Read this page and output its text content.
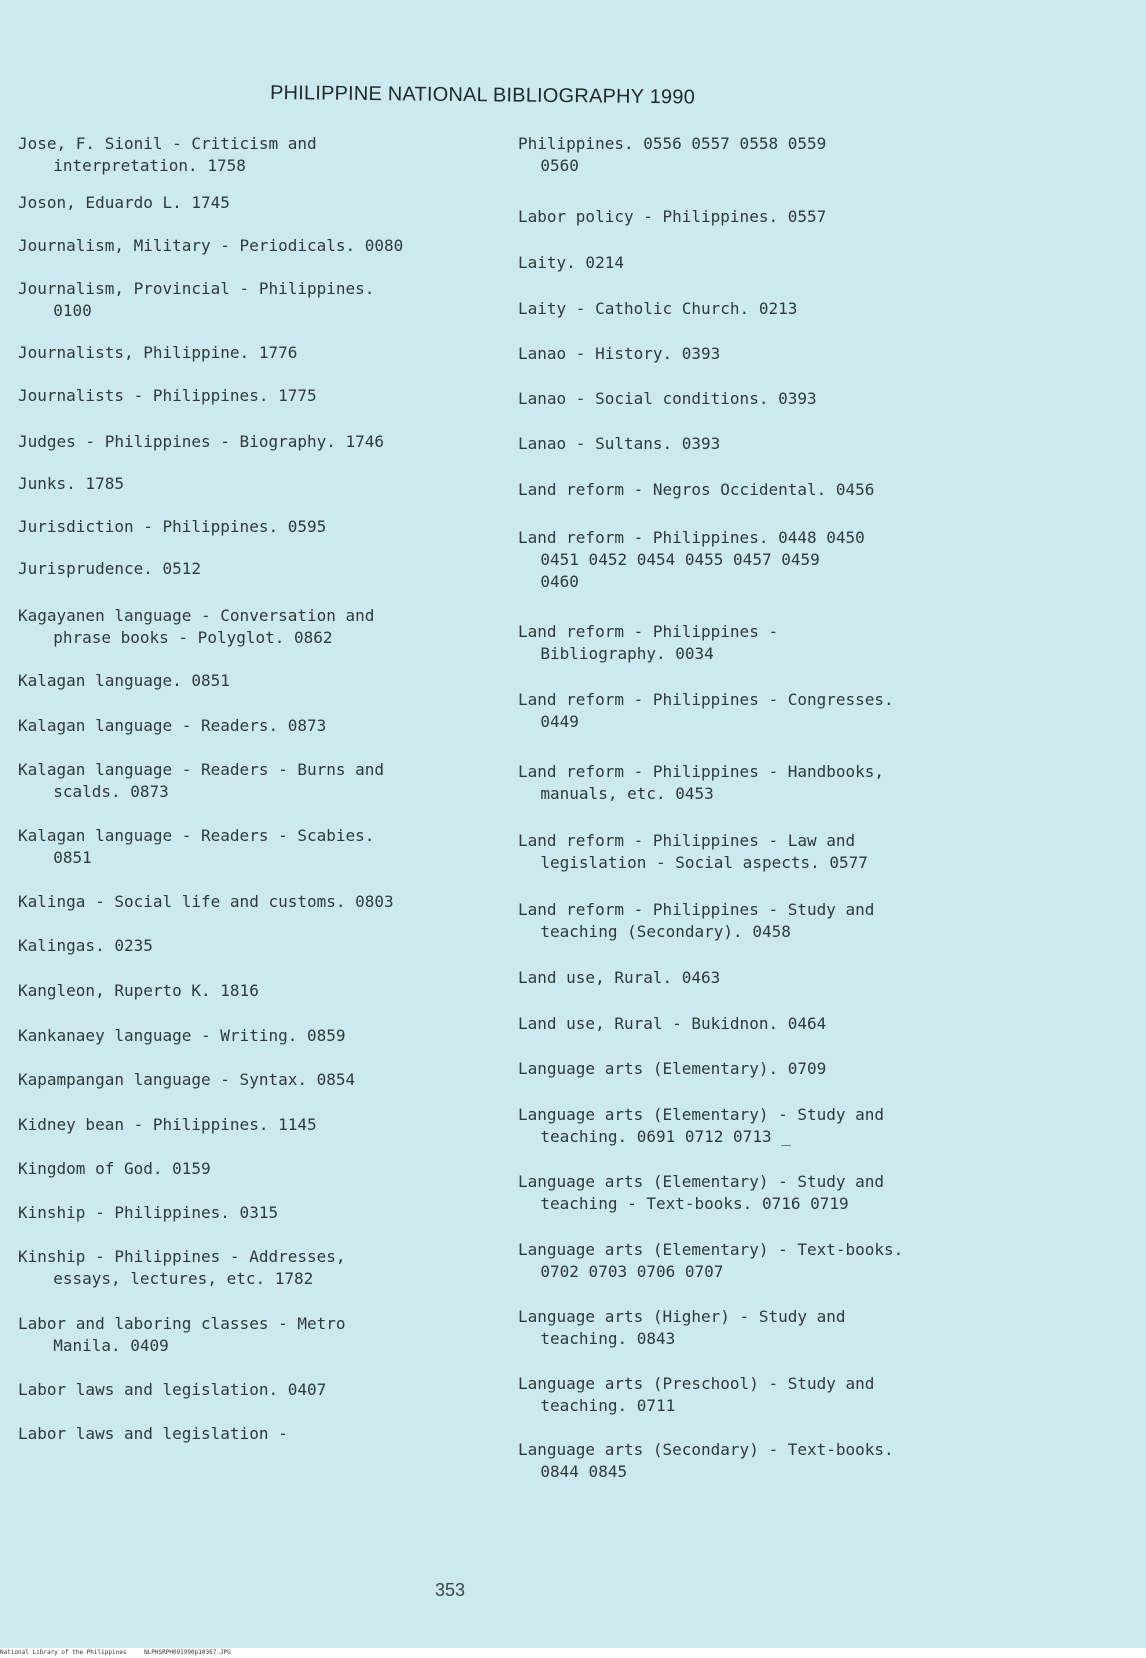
PHILIPPINE NATIONAL BIBLIOGRAPHY 1990
Jose, F. Sionil - Criticism and
interpretation. 1758
Joson, Eduardo L. 1745
Journalism, Military - Periodicals. 0080
Journalism, Provincial - Philippines.
0100
Journalists, Philippine. 1776
Journalists - Philippines. 1775
Judges - Philippines - Biography. 1746
Junks. 1785
Jurisdiction - Philippines. 0595
Jurisprudence. 0512
Kagayanen language - Conversation and
phrase books - Polyglot. 0862
Kalagan language. 0851
Kalagan language - Readers. 0873
Kalagan language - Readers - Burns and
scalds. 0873
Kalagan language - Readers - Scabies.
0851
Kalinga - Social life and customs. 0803
Kalingas. 0235
Kangleon, Ruperto K. 1816
Kankanaey language - Writing. 0859
Kapampangan language - Syntax. 0854
Kidney bean - Philippines. 1145
Kingdom of God. 0159
Kinship - Philippines. 0315
Kinship - Philippines - Addresses,
essays, lectures, etc. 1782
Labor and laboring classes - Metro
Manila. 0409
Labor laws and legislation. 0407
Labor laws and legislation -
Philippines. 0556 0557 0558 0559
0560
Labor policy - Philippines. 0557
Laity. 0214
Laity - Catholic Church. 0213
Lanao - History. 0393
Lanao - Social conditions. 0393
Lanao - Sultans. 0393
Land reform - Negros Occidental. 0456
Land reform - Philippines. 0448 0450
0451 0452 0454 0455 0457 0459
0460
Land reform - Philippines -
Bibliography. 0034
Land reform - Philippines - Congresses.
0449
Land reform - Philippines - Handbooks,
manuals, etc. 0453
Land reform - Philippines - Law and
legislation - Social aspects. 0577
Land reform - Philippines - Study and
teaching (Secondary). 0458
Land use, Rural. 0463
Land use, Rural - Bukidnon. 0464
Language arts (Elementary). 0709
Language arts (Elementary) - Study and
teaching. 0691 0712 0713 _
Language arts (Elementary) - Study and
teaching - Text-books. 0716 0719
Language arts (Elementary) - Text-books.
0702 0703 0706 0707
Language arts (Higher) - Study and
teaching. 0843
Language arts (Preschool) - Study and
teaching. 0711
Language arts (Secondary) - Text-books.
0844 0845
353
National Library of the Philippines	NLPHSRPH091990p10367.JPG
